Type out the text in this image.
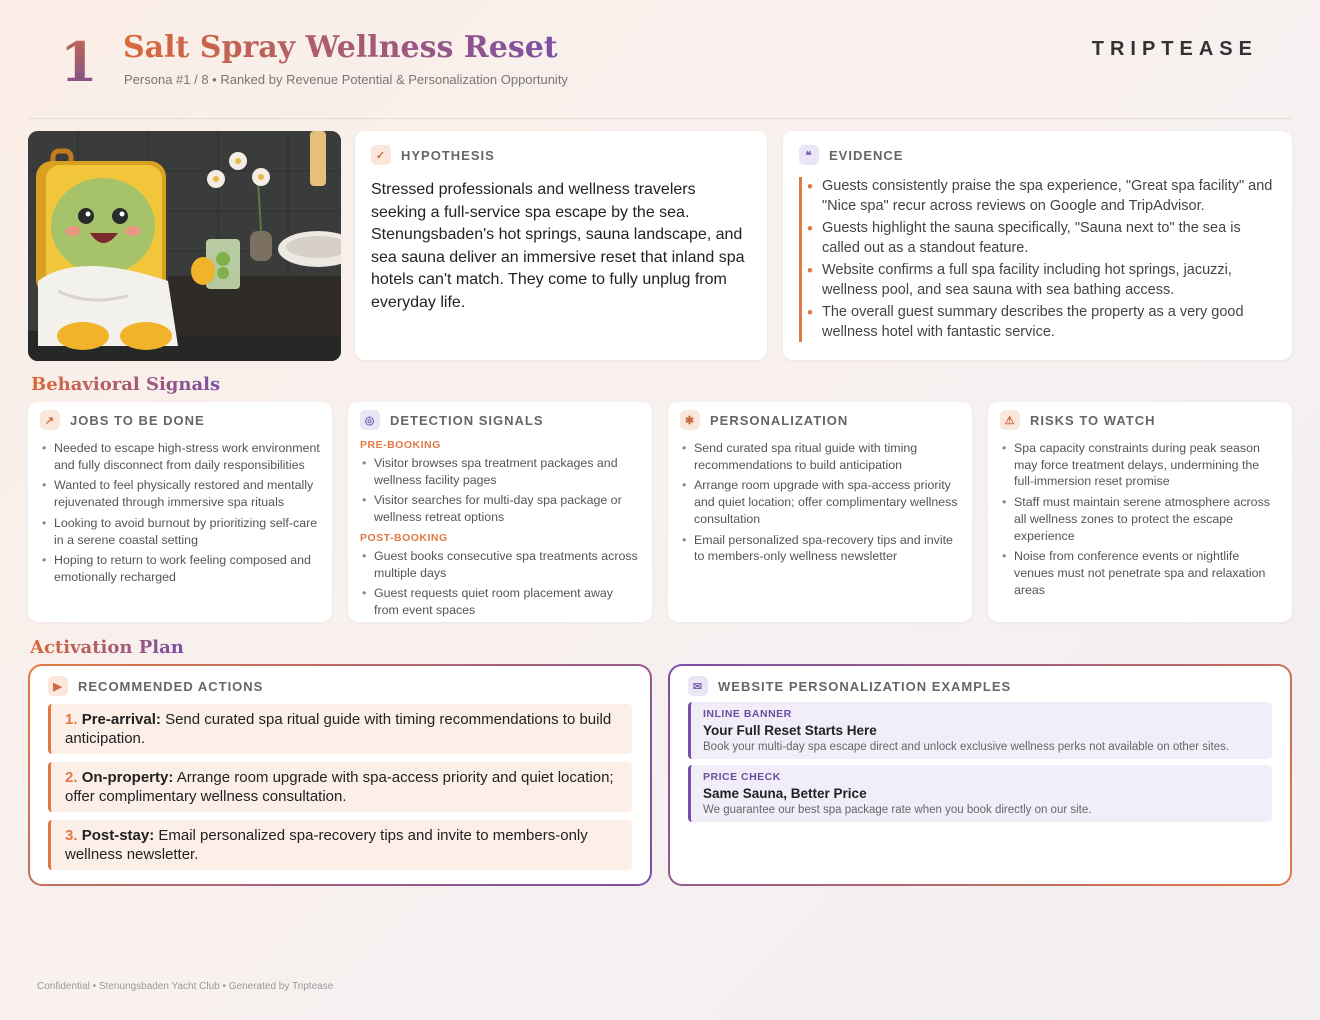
1 Salt Spray Wellness Reset
Persona #1 / 8 • Ranked by Revenue Potential & Personalization Opportunity
TRIPTEASE
✓	HYPOTHESIS
Stressed professionals and wellness travelers seeking a full-service spa escape by the sea. Stenungsbaden's hot springs, sauna landscape, and sea sauna deliver an immersive reset that inland spa hotels can't match. They come to fully unplug from everyday life.
❝	EVIDENCE
• Guests consistently praise the spa experience, "Great spa facility" and "Nice spa" recur across reviews on Google and TripAdvisor.
• Guests highlight the sauna specifically, "Sauna next to" the sea is called out as a standout feature.
• Website confirms a full spa facility including hot springs, jacuzzi, wellness pool, and sea sauna with sea bathing access.
• The overall guest summary describes the property as a very good wellness hotel with fantastic service.
Behavioral Signals
↗	JOBS TO BE DONE
• Needed to escape high-stress work environment and fully disconnect from daily responsibilities
• Wanted to feel physically restored and mentally rejuvenated through immersive spa rituals
• Looking to avoid burnout by prioritizing self-care in a serene coastal setting
• Hoping to return to work feeling composed and emotionally recharged
◎	DETECTION SIGNALS
PRE-BOOKING
• Visitor browses spa treatment packages and wellness facility pages
• Visitor searches for multi-day spa package or wellness retreat options
POST-BOOKING
• Guest books consecutive spa treatments across multiple days
• Guest requests quiet room placement away from event spaces
✱	PERSONALIZATION
• Send curated spa ritual guide with timing recommendations to build anticipation
• Arrange room upgrade with spa-access priority and quiet location; offer complimentary wellness consultation
• Email personalized spa-recovery tips and invite to members-only wellness newsletter
⚠	RISKS TO WATCH
• Spa capacity constraints during peak season may force treatment delays, undermining the full-immersion reset promise
• Staff must maintain serene atmosphere across all wellness zones to protect the escape experience
• Noise from conference events or nightlife venues must not penetrate spa and relaxation areas
Activation Plan
▶	RECOMMENDED ACTIONS
1. Pre-arrival: Send curated spa ritual guide with timing recommendations to build anticipation.
2. On-property: Arrange room upgrade with spa-access priority and quiet location; offer complimentary wellness consultation.
3. Post-stay: Email personalized spa-recovery tips and invite to members-only wellness newsletter.
✉	WEBSITE PERSONALIZATION EXAMPLES
INLINE BANNER
Your Full Reset Starts Here
Book your multi-day spa escape direct and unlock exclusive wellness perks not available on other sites.
PRICE CHECK
Same Sauna, Better Price
We guarantee our best spa package rate when you book directly on our site.
Confidential • Stenungsbaden Yacht Club • Generated by Triptease
